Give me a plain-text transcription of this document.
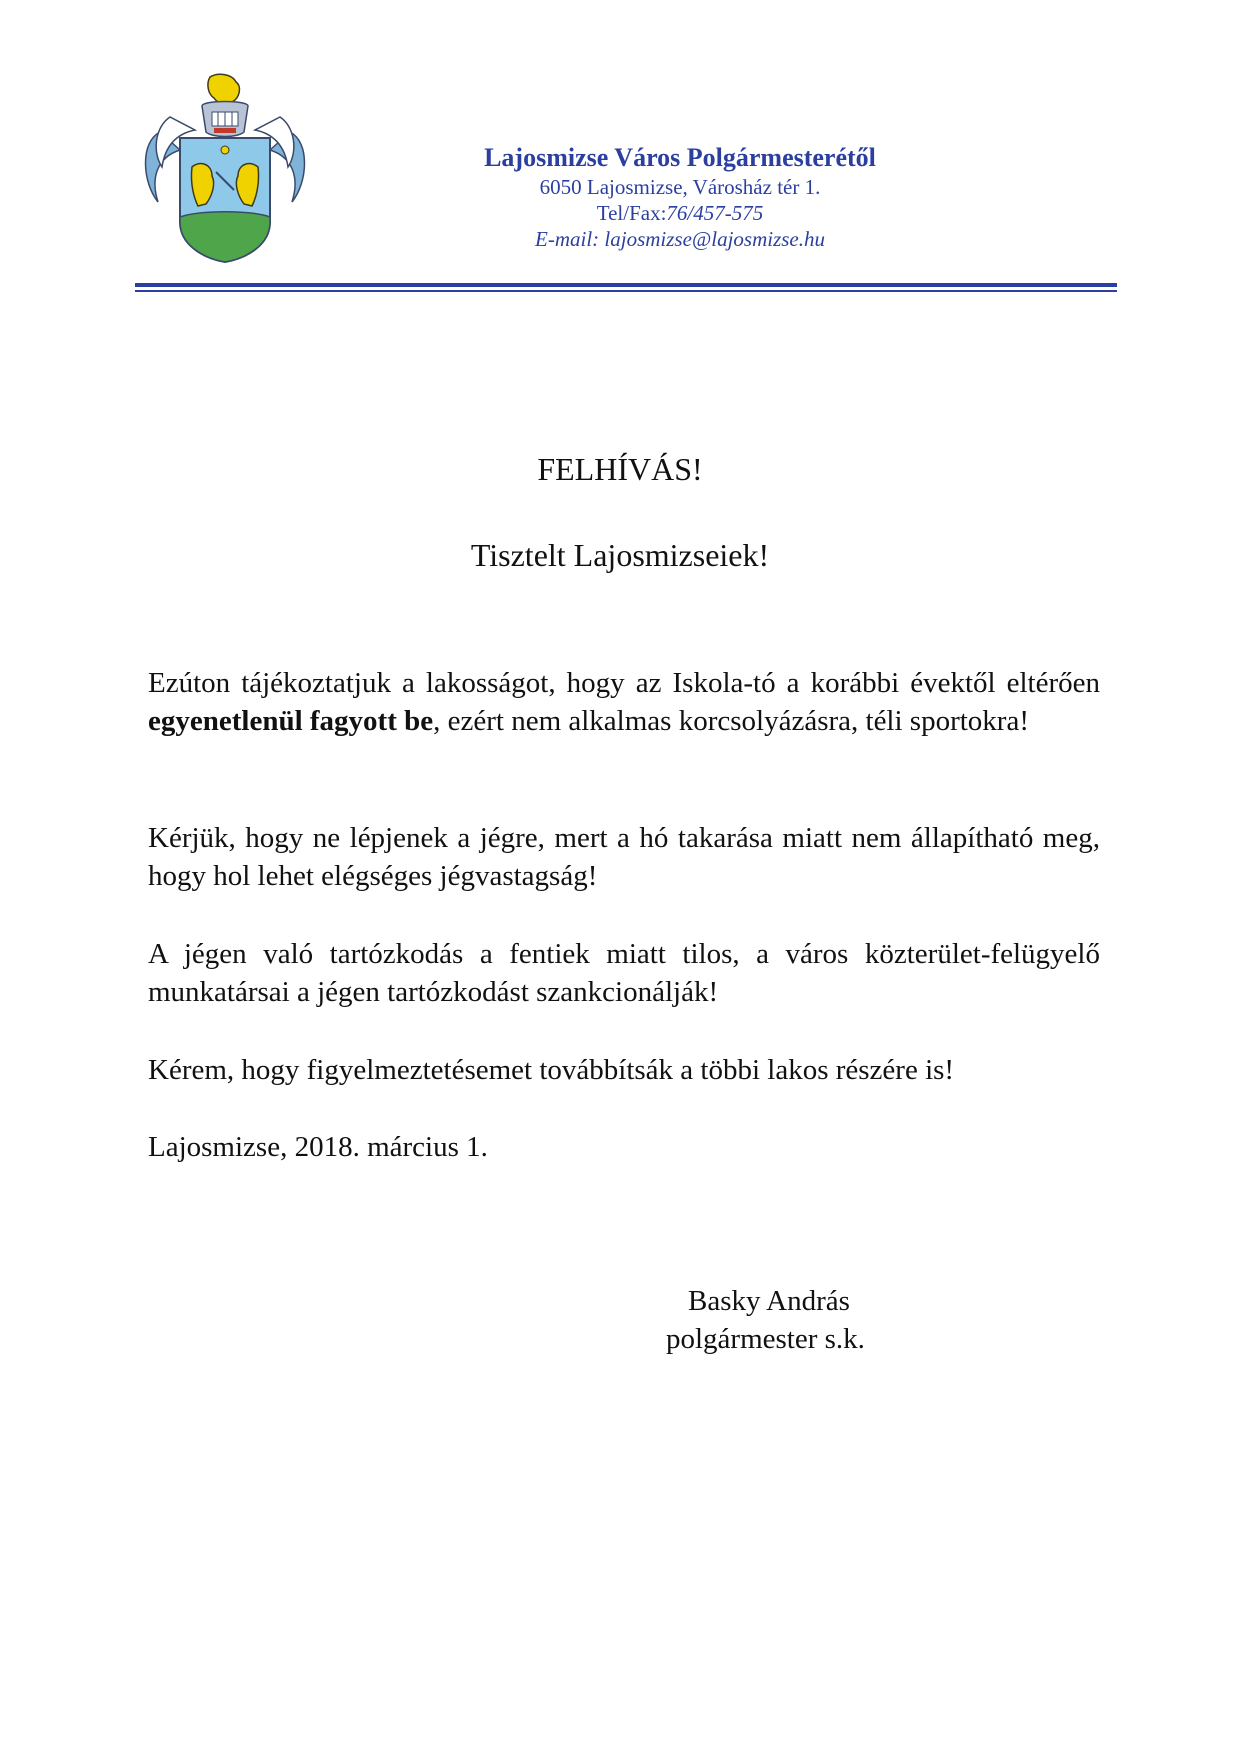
Lajosmizse Város Polgármesterétől
6050 Lajosmizse, Városház tér 1.
Tel/Fax:76/457-575
E-mail: lajosmizse@lajosmizse.hu
FELHÍVÁS!
Tisztelt Lajosmizseiek!
Ezúton tájékoztatjuk a lakosságot, hogy az Iskola-tó a korábbi évektől eltérően egyenetlenül fagyott be, ezért nem alkalmas korcsolyázásra, téli sportokra!
Kérjük, hogy ne lépjenek a jégre, mert a hó takarása miatt nem állapítható meg, hogy hol lehet elégséges jégvastagság!
A jégen való tartózkodás a fentiek miatt tilos, a város közterület-felügyelő munkatársai a jégen tartózkodást szankcionálják!
Kérem, hogy figyelmeztetésemet továbbítsák a többi lakos részére is!
Lajosmizse, 2018. március 1.
Basky András
polgármester s.k.
